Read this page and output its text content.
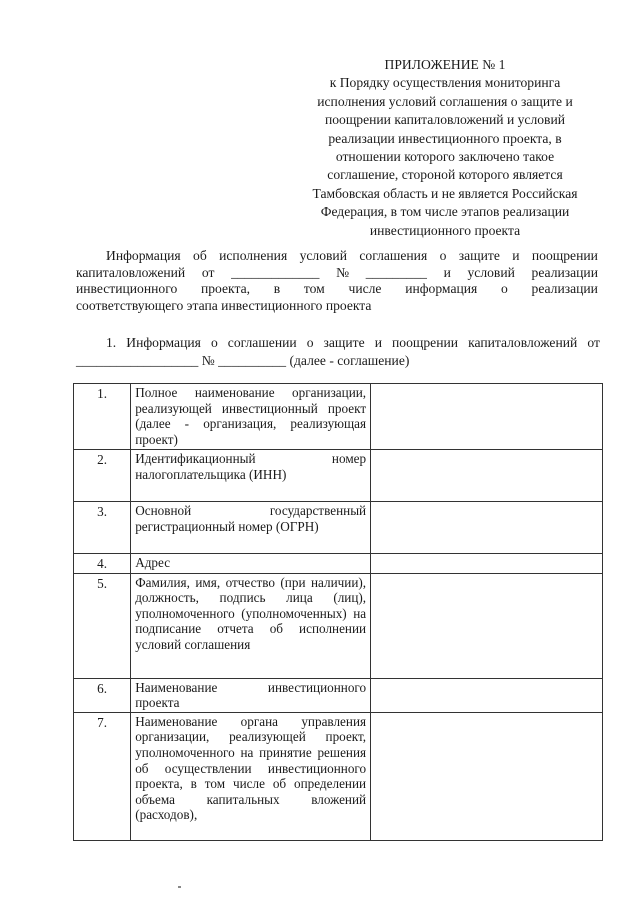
ПРИЛОЖЕНИЕ № 1
к Порядку осуществления мониторинга
исполнения условий соглашения о защите и
поощрении капиталовложений и условий
реализации инвестиционного проекта, в
отношении которого заключено такое
соглашение, стороной которого является
Тамбовская область и не является Российская
Федерация, в том числе этапов реализации
инвестиционного проекта
Информация об исполнения условий соглашения о защите и поощрении
капиталовложений от _____________ № _________ и условий реализации
инвестиционного проекта, в том числе информация о реализации
соответствующего этапа инвестиционного проекта
1. Информация о соглашении о защите и поощрении капиталовложений от
__________________ № __________ (далее - соглашение)
1.	Полное наименование организации, реализующей инвестиционный проект (далее - организация, реализующая проект)	
2.	Идентификационный номер налогоплательщика (ИНН)	
3.	Основной государственный регистрационный номер (ОГРН)	
4.	Адрес	
5.	Фамилия, имя, отчество (при наличии), должность, подпись лица (лиц), уполномоченного (уполномоченных) на подписание отчета об исполнении условий соглашения	
6.	Наименование инвестиционного проекта	
7.	Наименование органа управления организации, реализующей проект, уполномоченного на принятие решения об осуществлении инвестиционного проекта, в том числе об определении объема капитальных вложений (расходов),	
